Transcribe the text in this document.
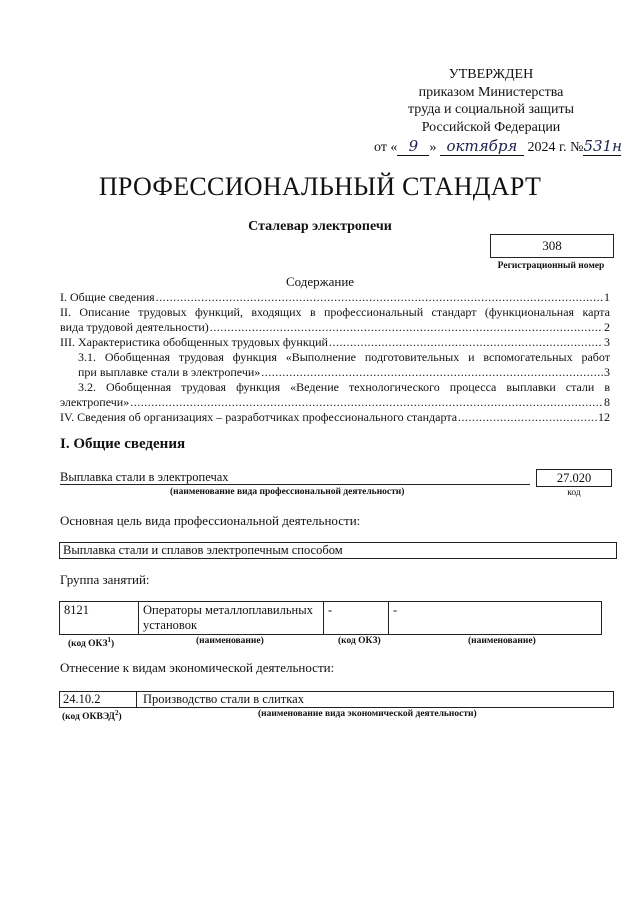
УТВЕРЖДЕН
приказом Министерства
труда и социальной защиты
Российской Федерации
от « 9 » октября 2024 г. №531н
ПРОФЕССИОНАЛЬНЫЙ СТАНДАРТ
Сталевар электропечи
308
Регистрационный номер
Содержание
I. Общие сведения .....	1
II. Описание трудовых функций, входящих в профессиональный стандарт (функциональная карта
вида трудовой деятельности) .....	2
III. Характеристика обобщенных трудовых функций .....	3
3.1. Обобщенная трудовая функция «Выполнение подготовительных и вспомогательных работ
при выплавке стали в электропечи» .....	3
3.2. Обобщенная трудовая функция «Ведение технологического процесса выплавки стали в
электропечи» .....	8
IV. Сведения об организациях – разработчиках профессионального стандарта .....	12
I. Общие сведения
Выплавка стали в электропечах
(наименование вида профессиональной деятельности)
27.020
код
Основная цель вида профессиональной деятельности:
Выплавка стали и сплавов электропечным способом
Группа занятий:
8121	Операторы металлоплавильных установок	-	-
(код ОКЗ$^1$)	(наименование)	(код ОКЗ)	(наименование)
Отнесение к видам экономической деятельности:
24.10.2	Производство стали в слитках
(код ОКВЭД$^2$)	(наименование вида экономической деятельности)
